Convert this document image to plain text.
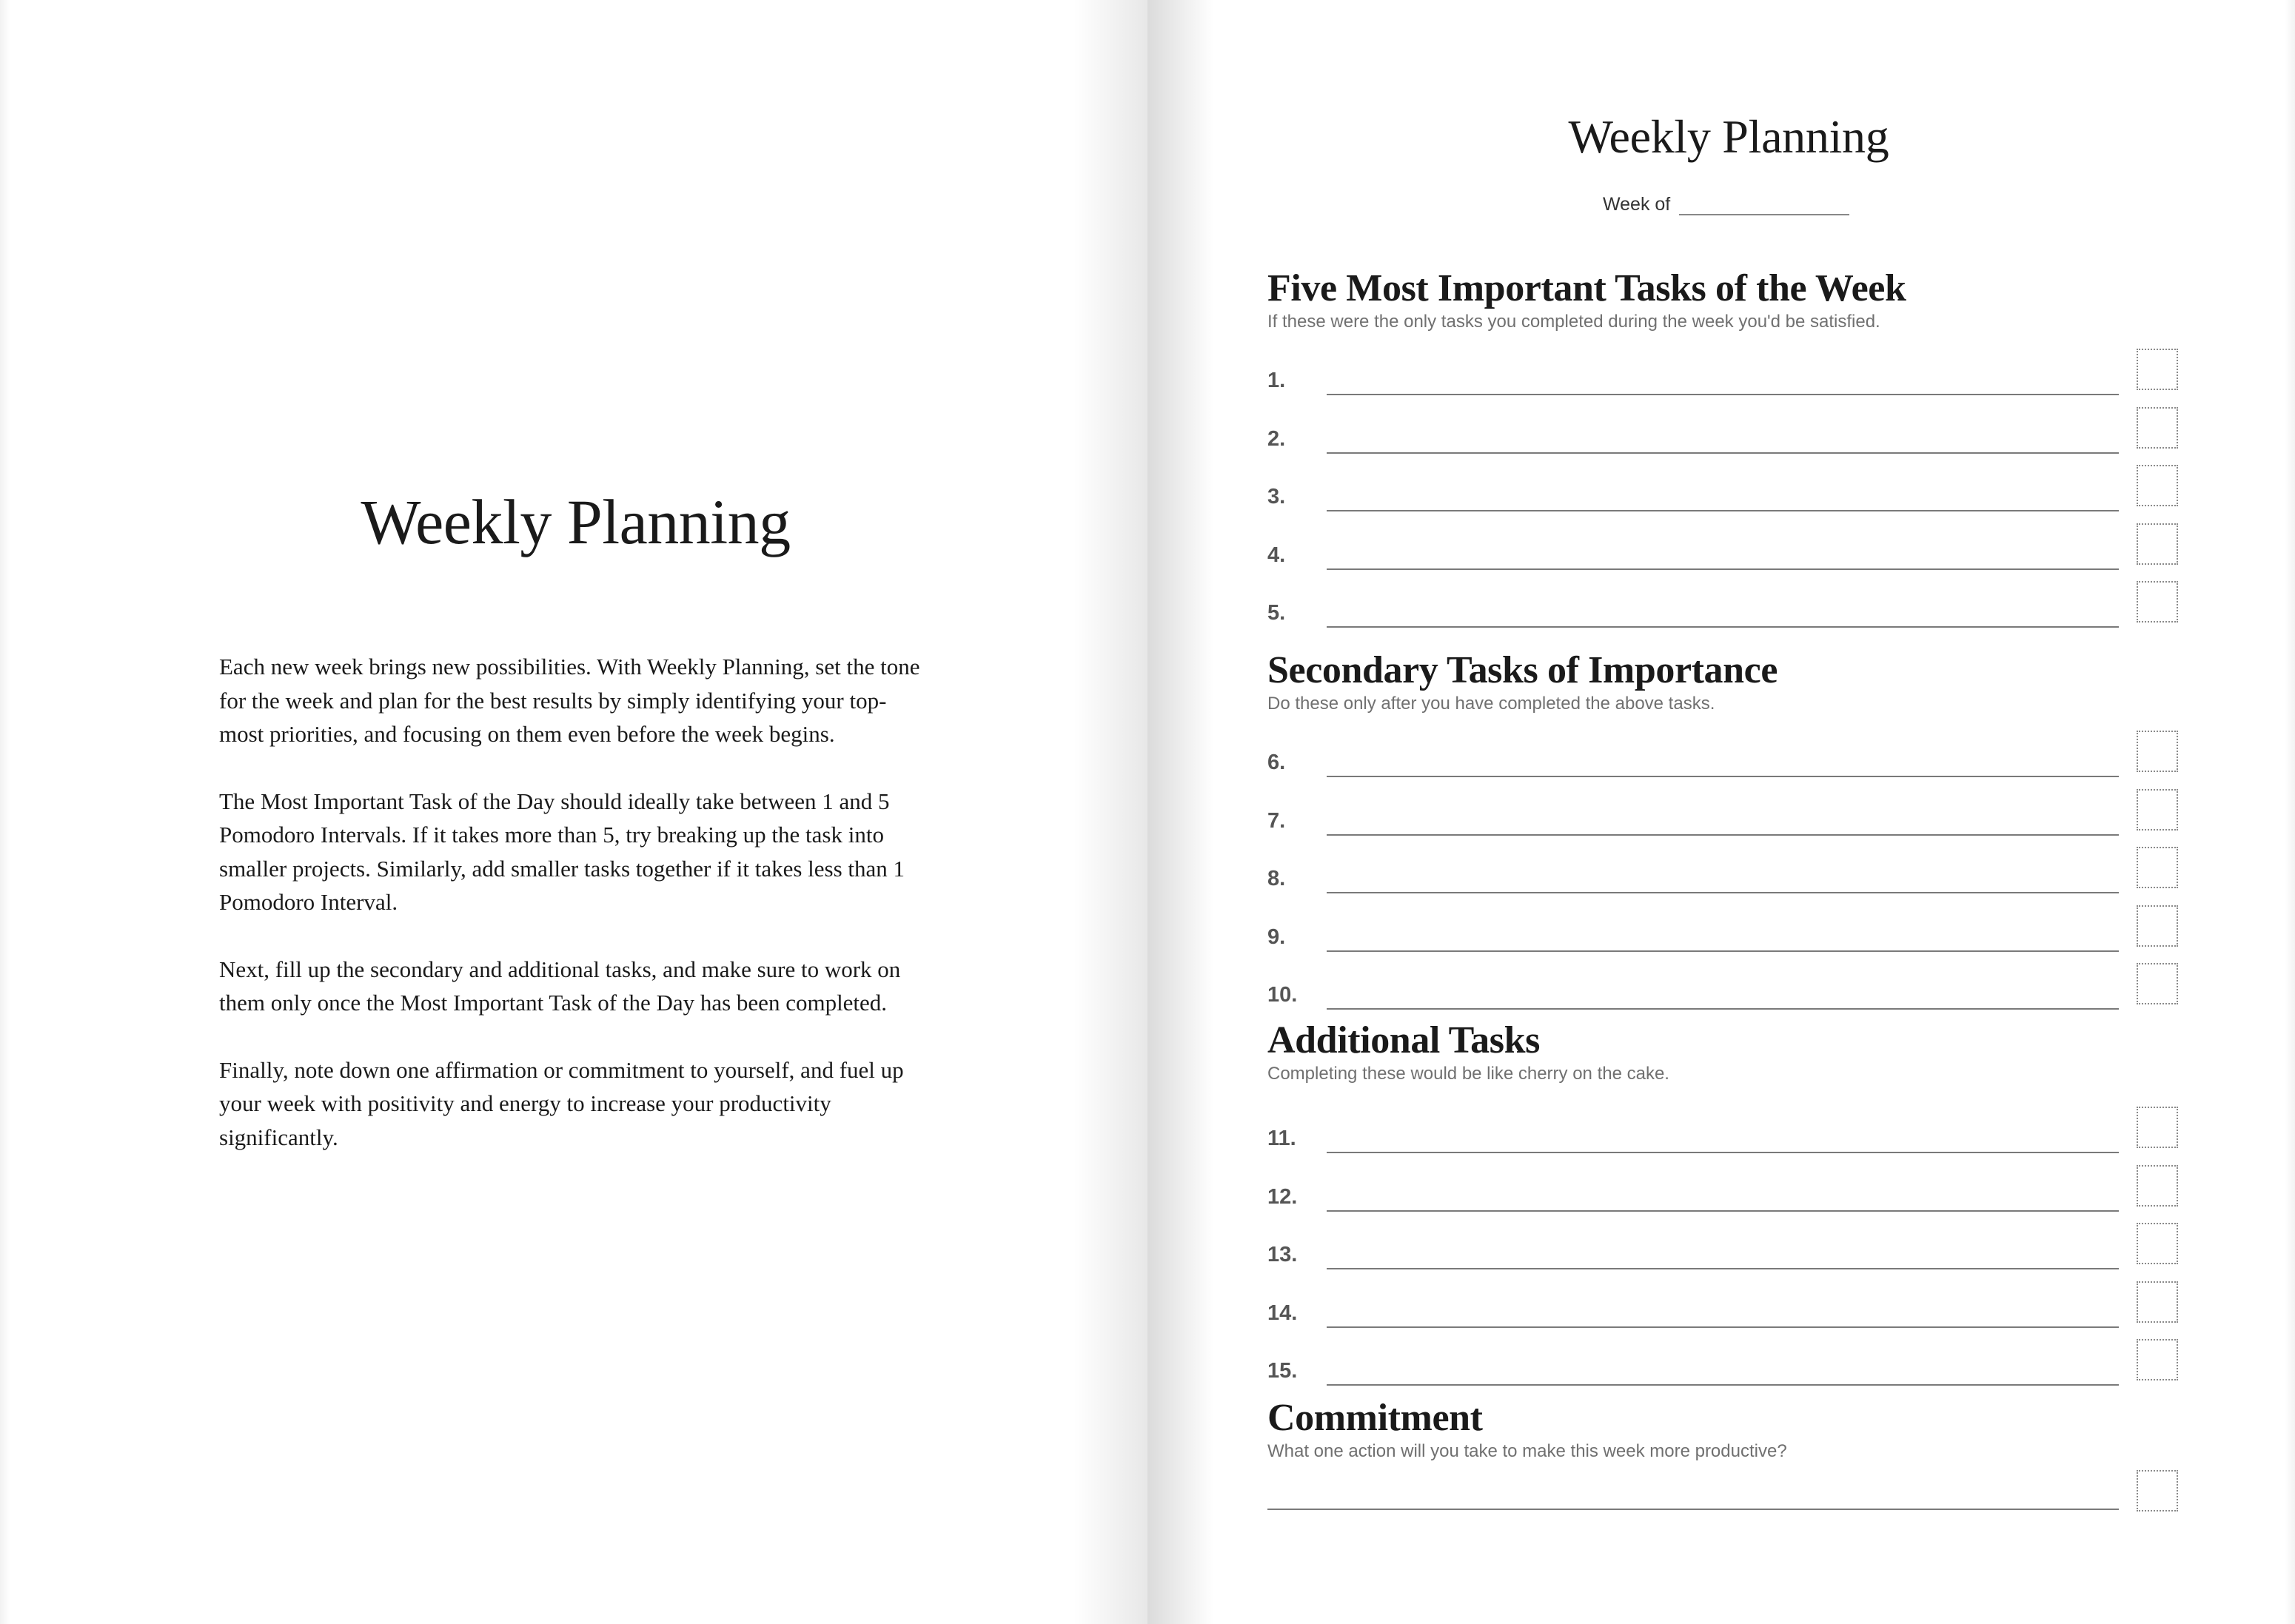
Weekly Planning

Each new week brings new possibilities. With Weekly Planning, set the tone for the week and plan for the best results by simply identifying your top-most priorities, and focusing on them even before the week begins.

The Most Important Task of the Day should ideally take between 1 and 5 Pomodoro Intervals. If it takes more than 5, try breaking up the task into smaller projects. Similarly, add smaller tasks together if it takes less than 1 Pomodoro Interval.

Next, fill up the secondary and additional tasks, and make sure to work on them only once the Most Important Task of the Day has been completed.

Finally, note down one affirmation or commitment to yourself, and fuel up your week with positivity and energy to increase your productivity significantly.

Weekly Planning
Week of
Five Most Important Tasks of the Week
If these were the only tasks you completed during the week you'd be satisfied.
1.
2.
3.
4.
5.
Secondary Tasks of Importance
Do these only after you have completed the above tasks.
6.
7.
8.
9.
10.
Additional Tasks
Completing these would be like cherry on the cake.
11.
12.
13.
14.
15.
Commitment
What one action will you take to make this week more productive?
